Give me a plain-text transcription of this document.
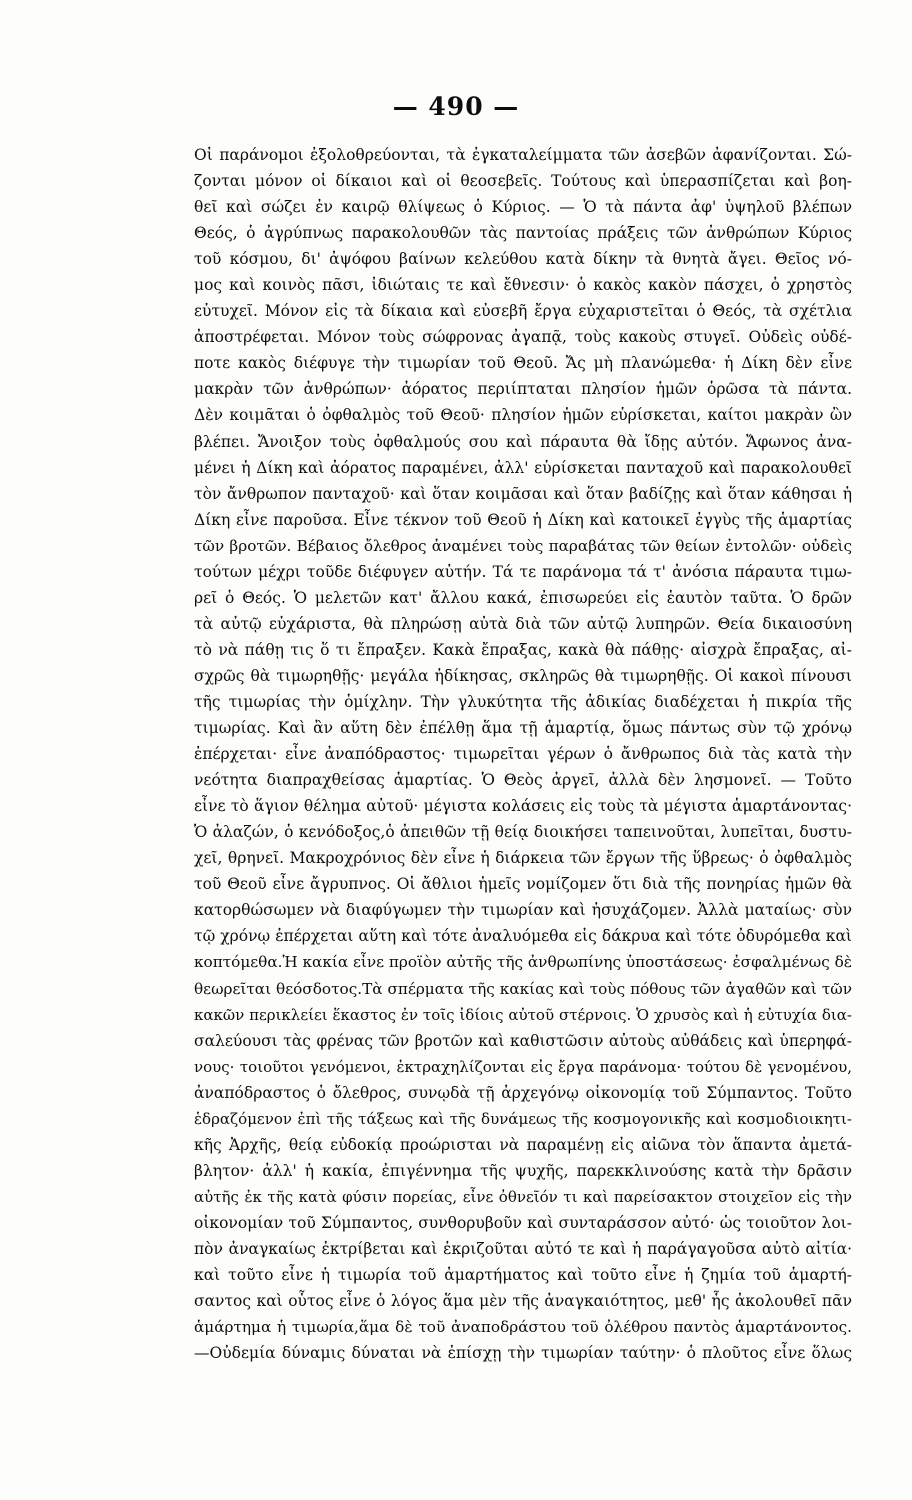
— 490 —
Οἱ παράνομοι ἐξολοθρεύονται, τὰ ἐγκαταλείμματα τῶν ἀσεβῶν ἀφανίζονται. Σώ-
ζονται μόνον οἱ δίκαιοι καὶ οἱ θεοσεβεῖς. Τούτους καὶ ὑπερασπίζεται καὶ βοη-
θεῖ καὶ σώζει ἐν καιρῷ θλίψεως ὁ Κύριος. — Ὁ τὰ πάντα ἀφ' ὑψηλοῦ βλέπων
Θεός, ὁ ἀγρύπνως παρακολουθῶν τὰς παντοίας πράξεις τῶν ἀνθρώπων Κύριος
τοῦ κόσμου, δι' ἀψόφου βαίνων κελεύθου κατὰ δίκην τὰ θνητὰ ἄγει. Θεῖος νό-
μος καὶ κοινὸς πᾶσι, ἰδιώταις τε καὶ ἔθνεσιν· ὁ κακὸς κακὸν πάσχει, ὁ χρηστὸς
εὐτυχεῖ. Μόνον εἰς τὰ δίκαια καὶ εὐσεβῆ ἔργα εὐχαριστεῖται ὁ Θεός, τὰ σχέτλια
ἀποστρέφεται. Μόνον τοὺς σώφρονας ἀγαπᾷ, τοὺς κακοὺς στυγεῖ. Οὐδεὶς οὐδέ-
ποτε κακὸς διέφυγε τὴν τιμωρίαν τοῦ Θεοῦ. Ἄς μὴ πλανώμεθα· ἡ Δίκη δὲν εἶνε
μακρὰν τῶν ἀνθρώπων· ἀόρατος περιίπταται πλησίον ἡμῶν ὁρῶσα τὰ πάντα.
Δὲν κοιμᾶται ὁ ὀφθαλμὸς τοῦ Θεοῦ· πλησίον ἡμῶν εὑρίσκεται, καίτοι μακρὰν ὢν
βλέπει. Ἄνοιξον τοὺς ὀφθαλμούς σου καὶ πάραυτα θὰ ἴδῃς αὐτόν. Ἄφωνος ἀνα-
μένει ἡ Δίκη καὶ ἀόρατος παραμένει, ἀλλ' εὑρίσκεται πανταχοῦ καὶ παρακολουθεῖ
τὸν ἄνθρωπον πανταχοῦ· καὶ ὅταν κοιμᾶσαι καὶ ὅταν βαδίζῃς καὶ ὅταν κάθησαι ἡ
Δίκη εἶνε παροῦσα. Εἶνε τέκνον τοῦ Θεοῦ ἡ Δίκη καὶ κατοικεῖ ἐγγὺς τῆς ἁμαρτίας
τῶν βροτῶν. Βέβαιος ὄλεθρος ἀναμένει τοὺς παραβάτας τῶν θείων ἐντολῶν· οὐδεὶς
τούτων μέχρι τοῦδε διέφυγεν αὐτήν. Τά τε παράνομα τά τ' ἀνόσια πάραυτα τιμω-
ρεῖ ὁ Θεός. Ὁ μελετῶν κατ' ἄλλου κακά, ἐπισωρεύει εἰς ἑαυτὸν ταῦτα. Ὁ δρῶν
τὰ αὐτῷ εὐχάριστα, θὰ πληρώσῃ αὐτὰ διὰ τῶν αὐτῷ λυπηρῶν. Θεία δικαιοσύνη
τὸ νὰ πάθῃ τις ὅ τι ἔπραξεν. Κακὰ ἔπραξας, κακὰ θὰ πάθῃς· αἰσχρὰ ἔπραξας, αἰ-
σχρῶς θὰ τιμωρηθῇς· μεγάλα ἠδίκησας, σκληρῶς θὰ τιμωρηθῇς. Οἱ κακοὶ πίνουσι
τῆς τιμωρίας τὴν ὁμίχλην. Τὴν γλυκύτητα τῆς ἀδικίας διαδέχεται ἡ πικρία τῆς
τιμωρίας. Καὶ ἂν αὕτη δὲν ἐπέλθῃ ἅμα τῇ ἁμαρτίᾳ, ὅμως πάντως σὺν τῷ χρόνῳ
ἐπέρχεται· εἶνε ἀναπόδραστος· τιμωρεῖται γέρων ὁ ἄνθρωπος διὰ τὰς κατὰ τὴν
νεότητα διαπραχθείσας ἁμαρτίας. Ὁ Θεὸς ἀργεῖ, ἀλλὰ δὲν λησμονεῖ. — Τοῦτο
εἶνε τὸ ἅγιον θέλημα αὐτοῦ· μέγιστα κολάσεις εἰς τοὺς τὰ μέγιστα ἁμαρτάνοντας·
Ὁ ἀλαζών, ὁ κενόδοξος,ὁ ἀπειθῶν τῇ θείᾳ διοικήσει ταπεινοῦται, λυπεῖται, δυστυ-
χεῖ, θρηνεῖ. Μακροχρόνιος δὲν εἶνε ἡ διάρκεια τῶν ἔργων τῆς ὕβρεως· ὁ ὀφθαλμὸς
τοῦ Θεοῦ εἶνε ἄγρυπνος. Οἱ ἄθλιοι ἡμεῖς νομίζομεν ὅτι διὰ τῆς πονηρίας ἡμῶν θὰ
κατορθώσωμεν νὰ διαφύγωμεν τὴν τιμωρίαν καὶ ἡσυχάζομεν. Ἀλλὰ ματαίως· σὺν
τῷ χρόνῳ ἐπέρχεται αὕτη καὶ τότε ἀναλυόμεθα εἰς δάκρυα καὶ τότε ὀδυρόμεθα καὶ
κοπτόμεθα.Ἡ κακία εἶνε προϊὸν αὐτῆς τῆς ἀνθρωπίνης ὑποστάσεως· ἐσφαλμένως δὲ
θεωρεῖται θεόσδοτος.Τὰ σπέρματα τῆς κακίας καὶ τοὺς πόθους τῶν ἀγαθῶν καὶ τῶν
κακῶν περικλείει ἕκαστος ἐν τοῖς ἰδίοις αὐτοῦ στέρνοις. Ὁ χρυσὸς καὶ ἡ εὐτυχία δια-
σαλεύουσι τὰς φρένας τῶν βροτῶν καὶ καθιστῶσιν αὐτοὺς αὐθάδεις καὶ ὑπερηφά-
νους· τοιοῦτοι γενόμενοι, ἐκτραχηλίζονται εἰς ἔργα παράνομα· τούτου δὲ γενομένου,
ἀναπόδραστος ὁ ὄλεθρος, συνῳδὰ τῇ ἀρχεγόνῳ οἰκονομίᾳ τοῦ Σύμπαντος. Τοῦτο
ἑδραζόμενον ἐπὶ τῆς τάξεως καὶ τῆς δυνάμεως τῆς κοσμογονικῆς καὶ κοσμοδιοικητι-
κῆς Ἀρχῆς, θείᾳ εὐδοκίᾳ προώρισται νὰ παραμένῃ εἰς αἰῶνα τὸν ἅπαντα ἀμετά-
βλητον· ἀλλ' ἡ κακία, ἐπιγέννημα τῆς ψυχῆς, παρεκκλινούσης κατὰ τὴν δρᾶσιν
αὐτῆς ἐκ τῆς κατὰ φύσιν πορείας, εἶνε ὀθνεῖόν τι καὶ παρείσακτον στοιχεῖον εἰς τὴν
οἰκονομίαν τοῦ Σύμπαντος, συνθορυβοῦν καὶ συνταράσσον αὐτό· ὡς τοιοῦτον λοι-
πὸν ἀναγκαίως ἐκτρίβεται καὶ ἐκριζοῦται αὐτό τε καὶ ἡ παράγαγοῦσα αὐτὸ αἰτία·
καὶ τοῦτο εἶνε ἡ τιμωρία τοῦ ἁμαρτήματος καὶ τοῦτο εἶνε ἡ ζημία τοῦ ἁμαρτή-
σαντος καὶ οὗτος εἶνε ὁ λόγος ἅμα μὲν τῆς ἀναγκαιότητος, μεθ' ἧς ἀκολουθεῖ πᾶν
ἁμάρτημα ἡ τιμωρία,ἅμα δὲ τοῦ ἀναποδράστου τοῦ ὀλέθρου παντὸς ἁμαρτάνοντος.
—Οὐδεμία δύναμις δύναται νὰ ἐπίσχῃ τὴν τιμωρίαν ταύτην· ὁ πλοῦτος εἶνε ὅλως
